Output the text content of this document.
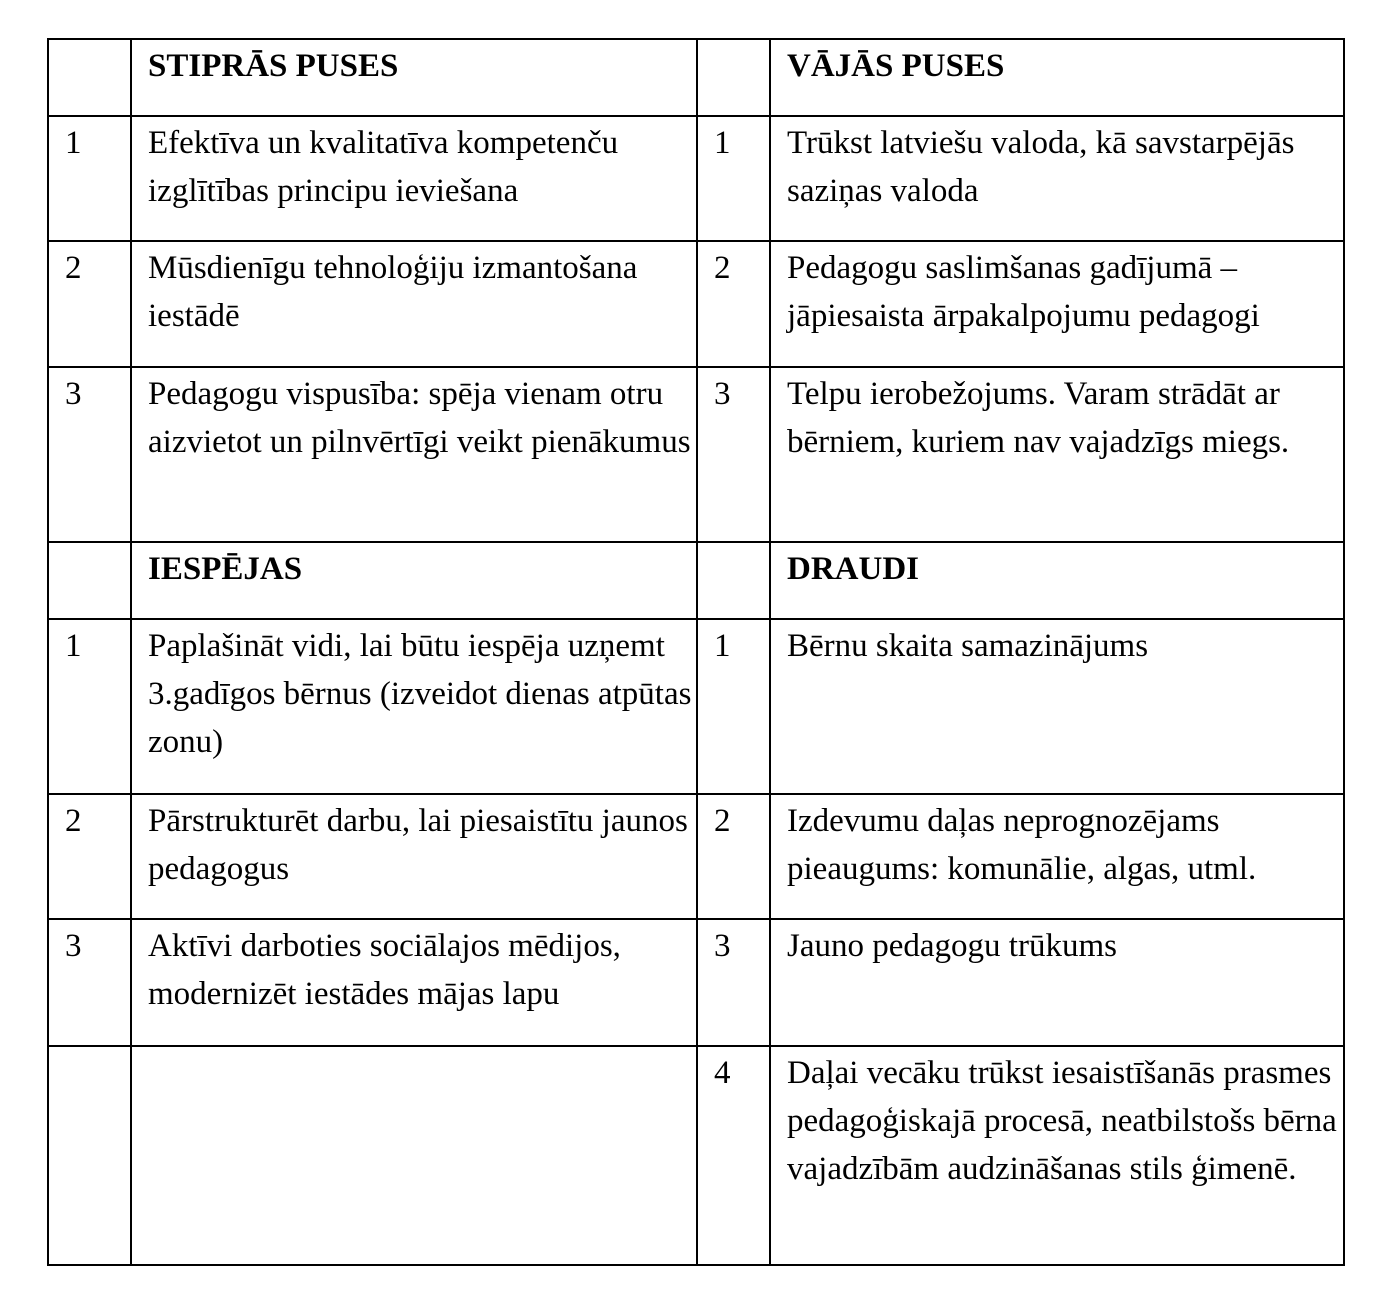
	STIPRĀS PUSES		VĀJĀS PUSES
1	Efektīva un kvalitatīva kompetenču izglītības principu ieviešana	1	Trūkst latviešu valoda, kā savstarpējās saziņas valoda
2	Mūsdienīgu tehnoloģiju izmantošana iestādē	2	Pedagogu saslimšanas gadījumā – jāpiesaista ārpakalpojumu pedagogi
3	Pedagogu vispusība: spēja vienam otru aizvietot un pilnvērtīgi veikt pienākumus	3	Telpu ierobežojums. Varam strādāt ar bērniem, kuriem nav vajadzīgs miegs.
	IESPĒJAS		DRAUDI
1	Paplašināt vidi, lai būtu iespēja uzņemt 3.gadīgos bērnus (izveidot dienas atpūtas zonu)	1	Bērnu skaita samazinājums
2	Pārstrukturēt darbu, lai piesaistītu jaunos pedagogus	2	Izdevumu daļas neprognozējams pieaugums: komunālie, algas, utml.
3	Aktīvi darboties sociālajos mēdijos, modernizēt iestādes mājas lapu	3	Jauno pedagogu trūkums
		4	Daļai vecāku trūkst iesaistīšanās prasmes pedagoģiskajā procesā, neatbilstošs bērna vajadzībām audzināšanas stils ģimenē.
